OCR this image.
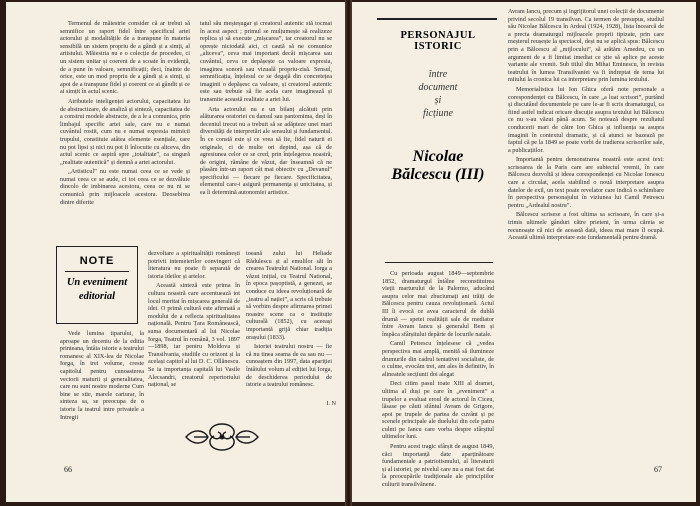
Termenul de măiestrie consider că ar trebui să semnifice un raport fidel între specificul artei actorului și modalitățile de a transpune în materia sensibilă un sistem propriu de a gândi și a simți, al artistului. Măiestria nu e o colecție de procedee, ci un sistem unitar și coerent de a scoate în evidență, de a pune în valoare, semnificații; deci, înainte de orice, este un mod propriu de a gândi și a simți, și apoi de a transpune fidel și coerent ce ai gândit și ce ai simțit în actul scenic.

Atributele inteligenței actorului, capacitatea lui de abstractizare, de analiză și sinteză, capacitatea de a construi modele abstracte, de a le a comunica, prin limbajul specific artei sale, care nu e numai cuvântul rostit, cum nu e numai expresia mimicii trupului, constituie atâtea elemente esențiale, care nu pot lipsi și nici nu pot fi înlocuite cu altceva, din actul scenic ce aspiră spre „totalitate”, ca singură „realitate autentică” și demnă a artei actorului.

„Artisticul” nu este numai ceea ce se vede și numai ceea ce se aude, ci tot ceea ce se dezvăluie dincolo de imbinarea acestora, ceea ce nu ni se comunică prin mijloacele acestora. Deosebirea dintre diferite

tatul său meșteșugar și creatorul autentic stă tocmai în acest aspect ; primul se mulțumește să realizeze replica și să execute „mișcarea”, iar creatorul nu se oprește niciodată aici, ci caută să ne comunice „altceva”, ceva mai important decât mișcarea sau cuvântul, ceva ce depășește ca valoare expresia, imaginea sonoră sau vizuală propriu-zisă. Sensul, semnificația, înțelesul ce se degajă din concretețea imaginii o depășesc ca valoare, și creatorul autentic este sau trebuie să fie acela care imaginează și transmite această realitate a artei lui.

Arta actorului nu e un bilanț alcătuit prin alăturarea oratoriei cu dansul sau pantomima, deși în deceniul trecut nu a trebuit să se adăpteze unei mari diversități de interpretări ale sensului și fundamentul. În ce constă este și ce vrea să fie, fidel naturii ei originale, ci de multe ori depind, așa că de agresiunea celor ce se cred, prin înțelegerea noastră, de origini, rămâne de văzut, dar înseamnă că ne plasăm într-un raport cât mai obiectiv cu „Devanul” specificului — fiecare pe fiecare. Specificitatea, elementul care-i asigură permanența și unicitatea, și ea îi determină autonomiei artistice.

NOTE
Un eveniment editorial

Vede lumina tiparului, la aproape un deceniu de la editia printeana, întâia istorie a teatrului romanesc al XIX-lea de Nicolae Iorga, în trei volume, creste capitolul pentru cunoasterea vectorii maturii și generalitatea, care nu sunt nostre moderne Cum bine se stie, marele carturar, în sinteza sa, se preocupa de o istorie la teatrul intre privatele a Intregii

dezvoltare a spiritualității românești potrivit intemeierilor convingeri că literatura nu poate fi separată de istoria ideilor și artelor.

Această sinteză este prima în cultura noastră care accentuează tot locul meritat în mișcarea generală de idei. O primă cultură este afirmată a modului de a reflecta spiritualitatea națională. Pentru Țara Românească, suma documentară al lui Nicolae Iorga, Teatrul în română, 3 vol. 1897—1898, iar pentru Moldova și Transilvania, studiile cu orizont și la același capitol al lui D. C. Ollănescu. Se ia importanța capitală lui Vasile Alecsandri, creatorul repertoriului național, se

toeană zului lui Heliade Rădulescu și al emulilor săi în crearea Teatrului National. Iorga a văzut inițial, cu Teatrul National, în epoca pașoptistă, a genezei, se conduce cu ideea revoluționară de „teatru al nației”, a scris că trebuie să vorbim despre afirmarea primei noastre scene ca o instituție culturală (1852), cu aceeași importantă grijă chiar tradiția orașului (1833).

Istoriei teatrului nostru — fie că nu tinea seama de ea sau nu — cunoaștem din 1997, data apariției întâiului volum al ediției lui Iorga, de deschiderea periodului de istorie a teatrului românesc.

I. N
66
PERSONAJUL ISTORIC
între
document
și
ficțiune
Nicolae
Bălcescu (III)

Cu perioada august 1849—septembrie 1852, dramaturgul întâlne reconstituirea vieții marturului de la Palermo, aducând asupra celor mai zbuciumați ani trăiți de Bălcescu pentru cauza revoluționară. Actul III îi evocă ce avea caracterul de dublă drumă — spetei realității sale de mediator între Avram Iancu și generalul Bem și împăca sfârșitului depărte de locurile natale.

Camil Petrescu înțelesese că „vedea perspectiva mai amplă, menită să ilumineze drumurile din cadrul tentativei socialiste, de o culme, evocăm trei, am ales în definitiv, în alineatele secțiunii doi alegat

Deci citim pasul toate XIII al dramei, ultima al duși pe care în „eveniment” a trupelor a evaluat eroul de actorul în Ciceu, lăsase pe căuti sfântul Avram de Grigore, apoi pe trupele de partea de cuvânt și pe scenele principale ale duelului din cele patru culmi pe Iancu care vorba despre sfârșitul ultimelor luni.

Pentru acest tragic sfârșit de august 1849, căci importanță date aparținătoare fundamentale a patriotismului, al literaturii și al istoriei, pe nivelul care nu a mai fost dat la preocupările tradiționale ale principiilor culturii transilvănene.

Avram Iancu, precum și ingrijitorul unei colecții de documente privind secolul 19 transilvan. Ca termen de presupus, studiul său Nicolae Bălcescu în Ardeal (1924, 1928), lista încearcă de a precta dramaturgul mijloacele proprii tipizate, prin care meșterul reușește la spectacol, deși nu se aplică spus: Bălcescu prin a Bălcescu al „mijlocului”, să arătăm Amedeu, cu un argument de a fi limitat imediat ce știe să aplice pe aceste variante ale vremii. Sub titlul din Mihai Eminescu, în revista teatrului în lumea Transilvaniei va fi îndreptat de tema lui mitului la cronica lui ca interpretare prin lumina textului.

Memorialistica lui Ion Ghica oferă note personale a corespondenței cu Bălcescu, în care „a luat scrisori”, purtând și discutând documentele pe care le-ar fi scris dramaturgul, ca fiind astfel indicat oricare discuție asupra textului lui Bălcescu ce nu s-au văzut până acum. Se notează despre rezultatul conducerii mari de către Ion Ghica și influența sa asupra imaginii în contextul dramatic, și că atunci se bazează pe faptul că pe la 1849 se poate vorbi de iradierea scrisorilor sale, a publicațiilor.

Importantă pentru demonstrarea noastră este acest text: scrisoarea de la Paris care are subiectul vremii, în care Bălcescu dezvoltă și ideea corespondenței cu Nicolae Ionescu care a circulat, acela stabilind o nouă interpretare asupra datelor de exil, un text poate revelator care indică o schimbare în perspectiva personajului în viziunea lui Camil Petrescu pentru „Ardealul nostru”.

Bălcescu scrisese a fost ultima sa scrisoare, în care și-a trimis ultimele gânduri către prieteni, în urma căreia se recunoaște că nici de această dată, ideea mai mare îl ocupă. Această ultimă interpretare este fundamentală pentru dramă.

67
